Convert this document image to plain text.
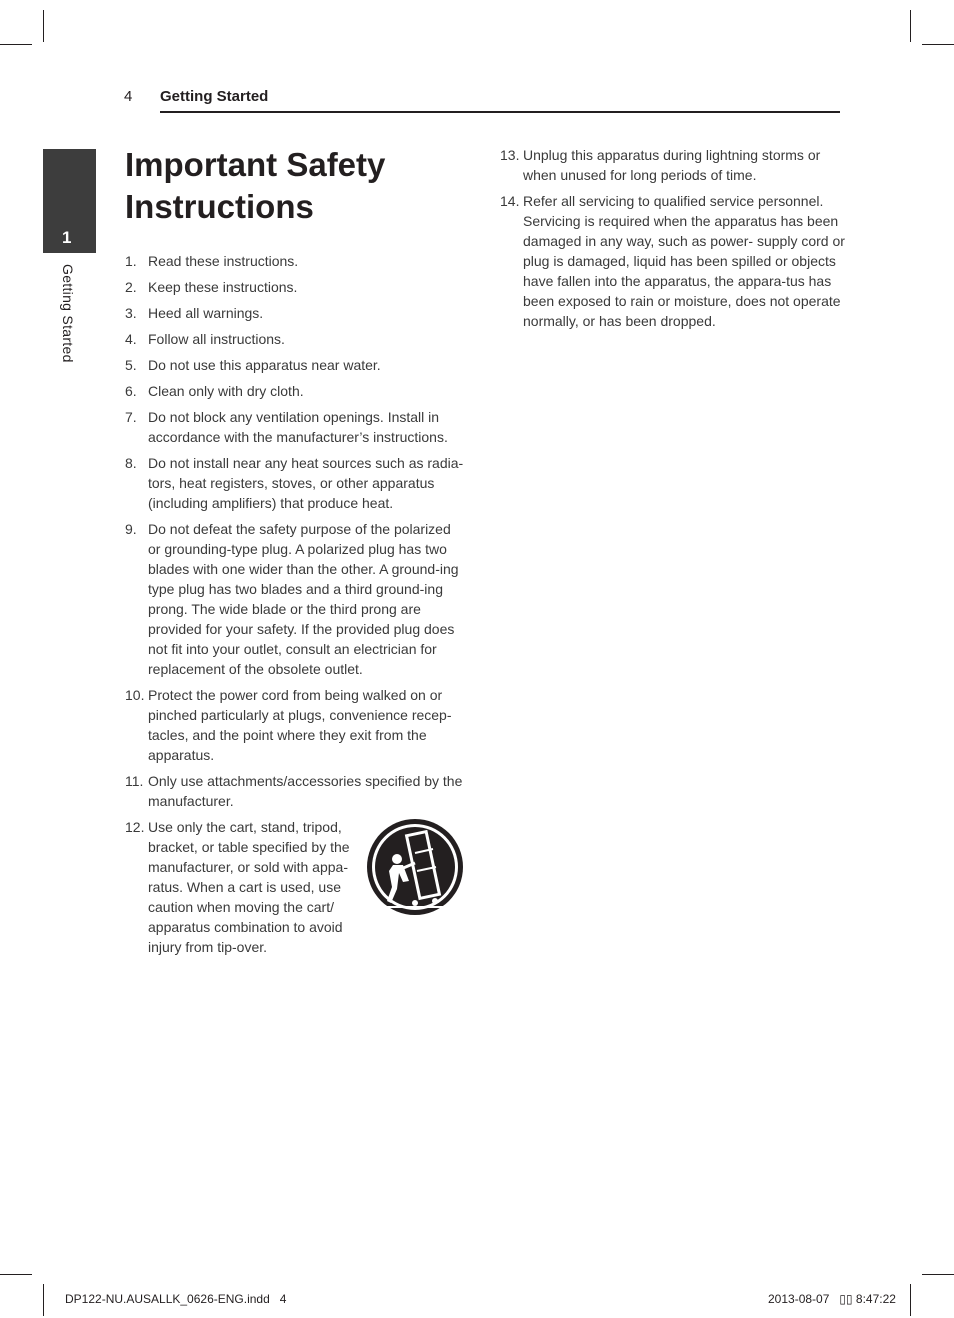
4 Getting Started
1
Getting Started
Important Safety Instructions
1. Read these instructions.
2. Keep these instructions.
3. Heed all warnings.
4. Follow all instructions.
5. Do not use this apparatus near water.
6. Clean only with dry cloth.
7. Do not block any ventilation openings. Install in accordance with the manufacturer’s instructions.
8. Do not install near any heat sources such as radia-tors, heat registers, stoves, or other apparatus (including amplifiers) that produce heat.
9. Do not defeat the safety purpose of the polarized or grounding-type plug. A polarized plug has two blades with one wider than the other. A ground-ing type plug has two blades and a third ground-ing prong. The wide blade or the third prong are provided for your safety. If the provided plug does not fit into your outlet, consult an electrician for replacement of the obsolete outlet.
10. Protect the power cord from being walked on or pinched particularly at plugs, convenience recep-tacles, and the point where they exit from the apparatus.
11. Only use attachments/accessories specified by the manufacturer.
12. Use only the cart, stand, tripod, bracket, or table specified by the manufacturer, or sold with appa-ratus. When a cart is used, use caution when moving the cart/ apparatus combination to avoid injury from tip-over.
13. Unplug this apparatus during lightning storms or when unused for long periods of time.
14. Refer all servicing to qualified service personnel. Servicing is required when the apparatus has been damaged in any way, such as power- supply cord or plug is damaged, liquid has been spilled or objects have fallen into the apparatus, the appara-tus has been exposed to rain or moisture, does not operate normally, or has been dropped.
DP122-NU.AUSALLK_0626-ENG.indd   4	2013-08-07   ▯▯ 8:47:22
